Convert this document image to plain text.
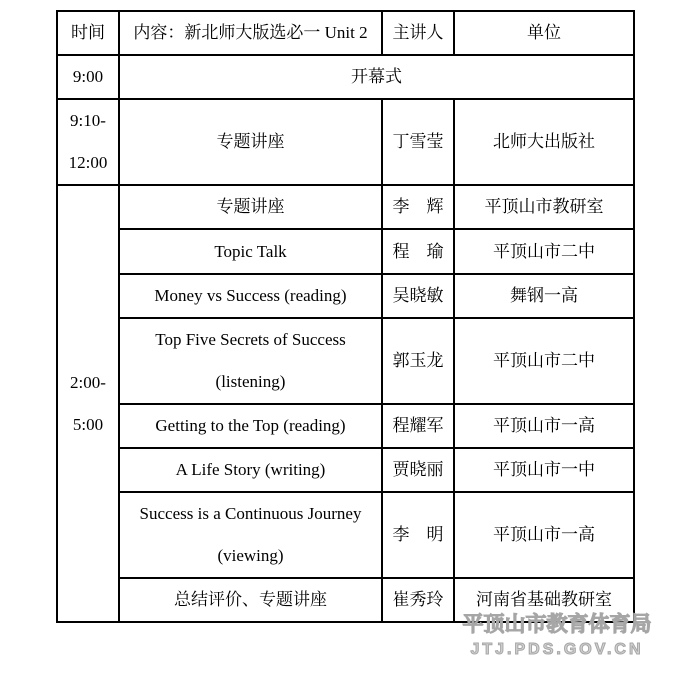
时间	内容：新北师大版选必一 Unit 2	主讲人	单位
9:00	开幕式		

9:10-
12:00	专题讲座	丁雪莹	北师大出版社

2:00-
5:00	专题讲座	李　辉	平顶山市教研室
	Topic Talk	程　瑜	平顶山市二中
	Money vs Success (reading)	吴晓敏	舞钢一高

	Top Five Secrets of Success
(listening)	郭玉龙	平顶山市二中
	Getting to the Top (reading)	程耀军	平顶山市一高
	A Life Story (writing)	贾晓丽	平顶山市一中

	Success is a Continuous Journey
(viewing)	李　明	平顶山市一高
	总结评价、专题讲座	崔秀玲	河南省基础教研室
平顶山市教育体育局
JTJ.PDS.GOV.CN
